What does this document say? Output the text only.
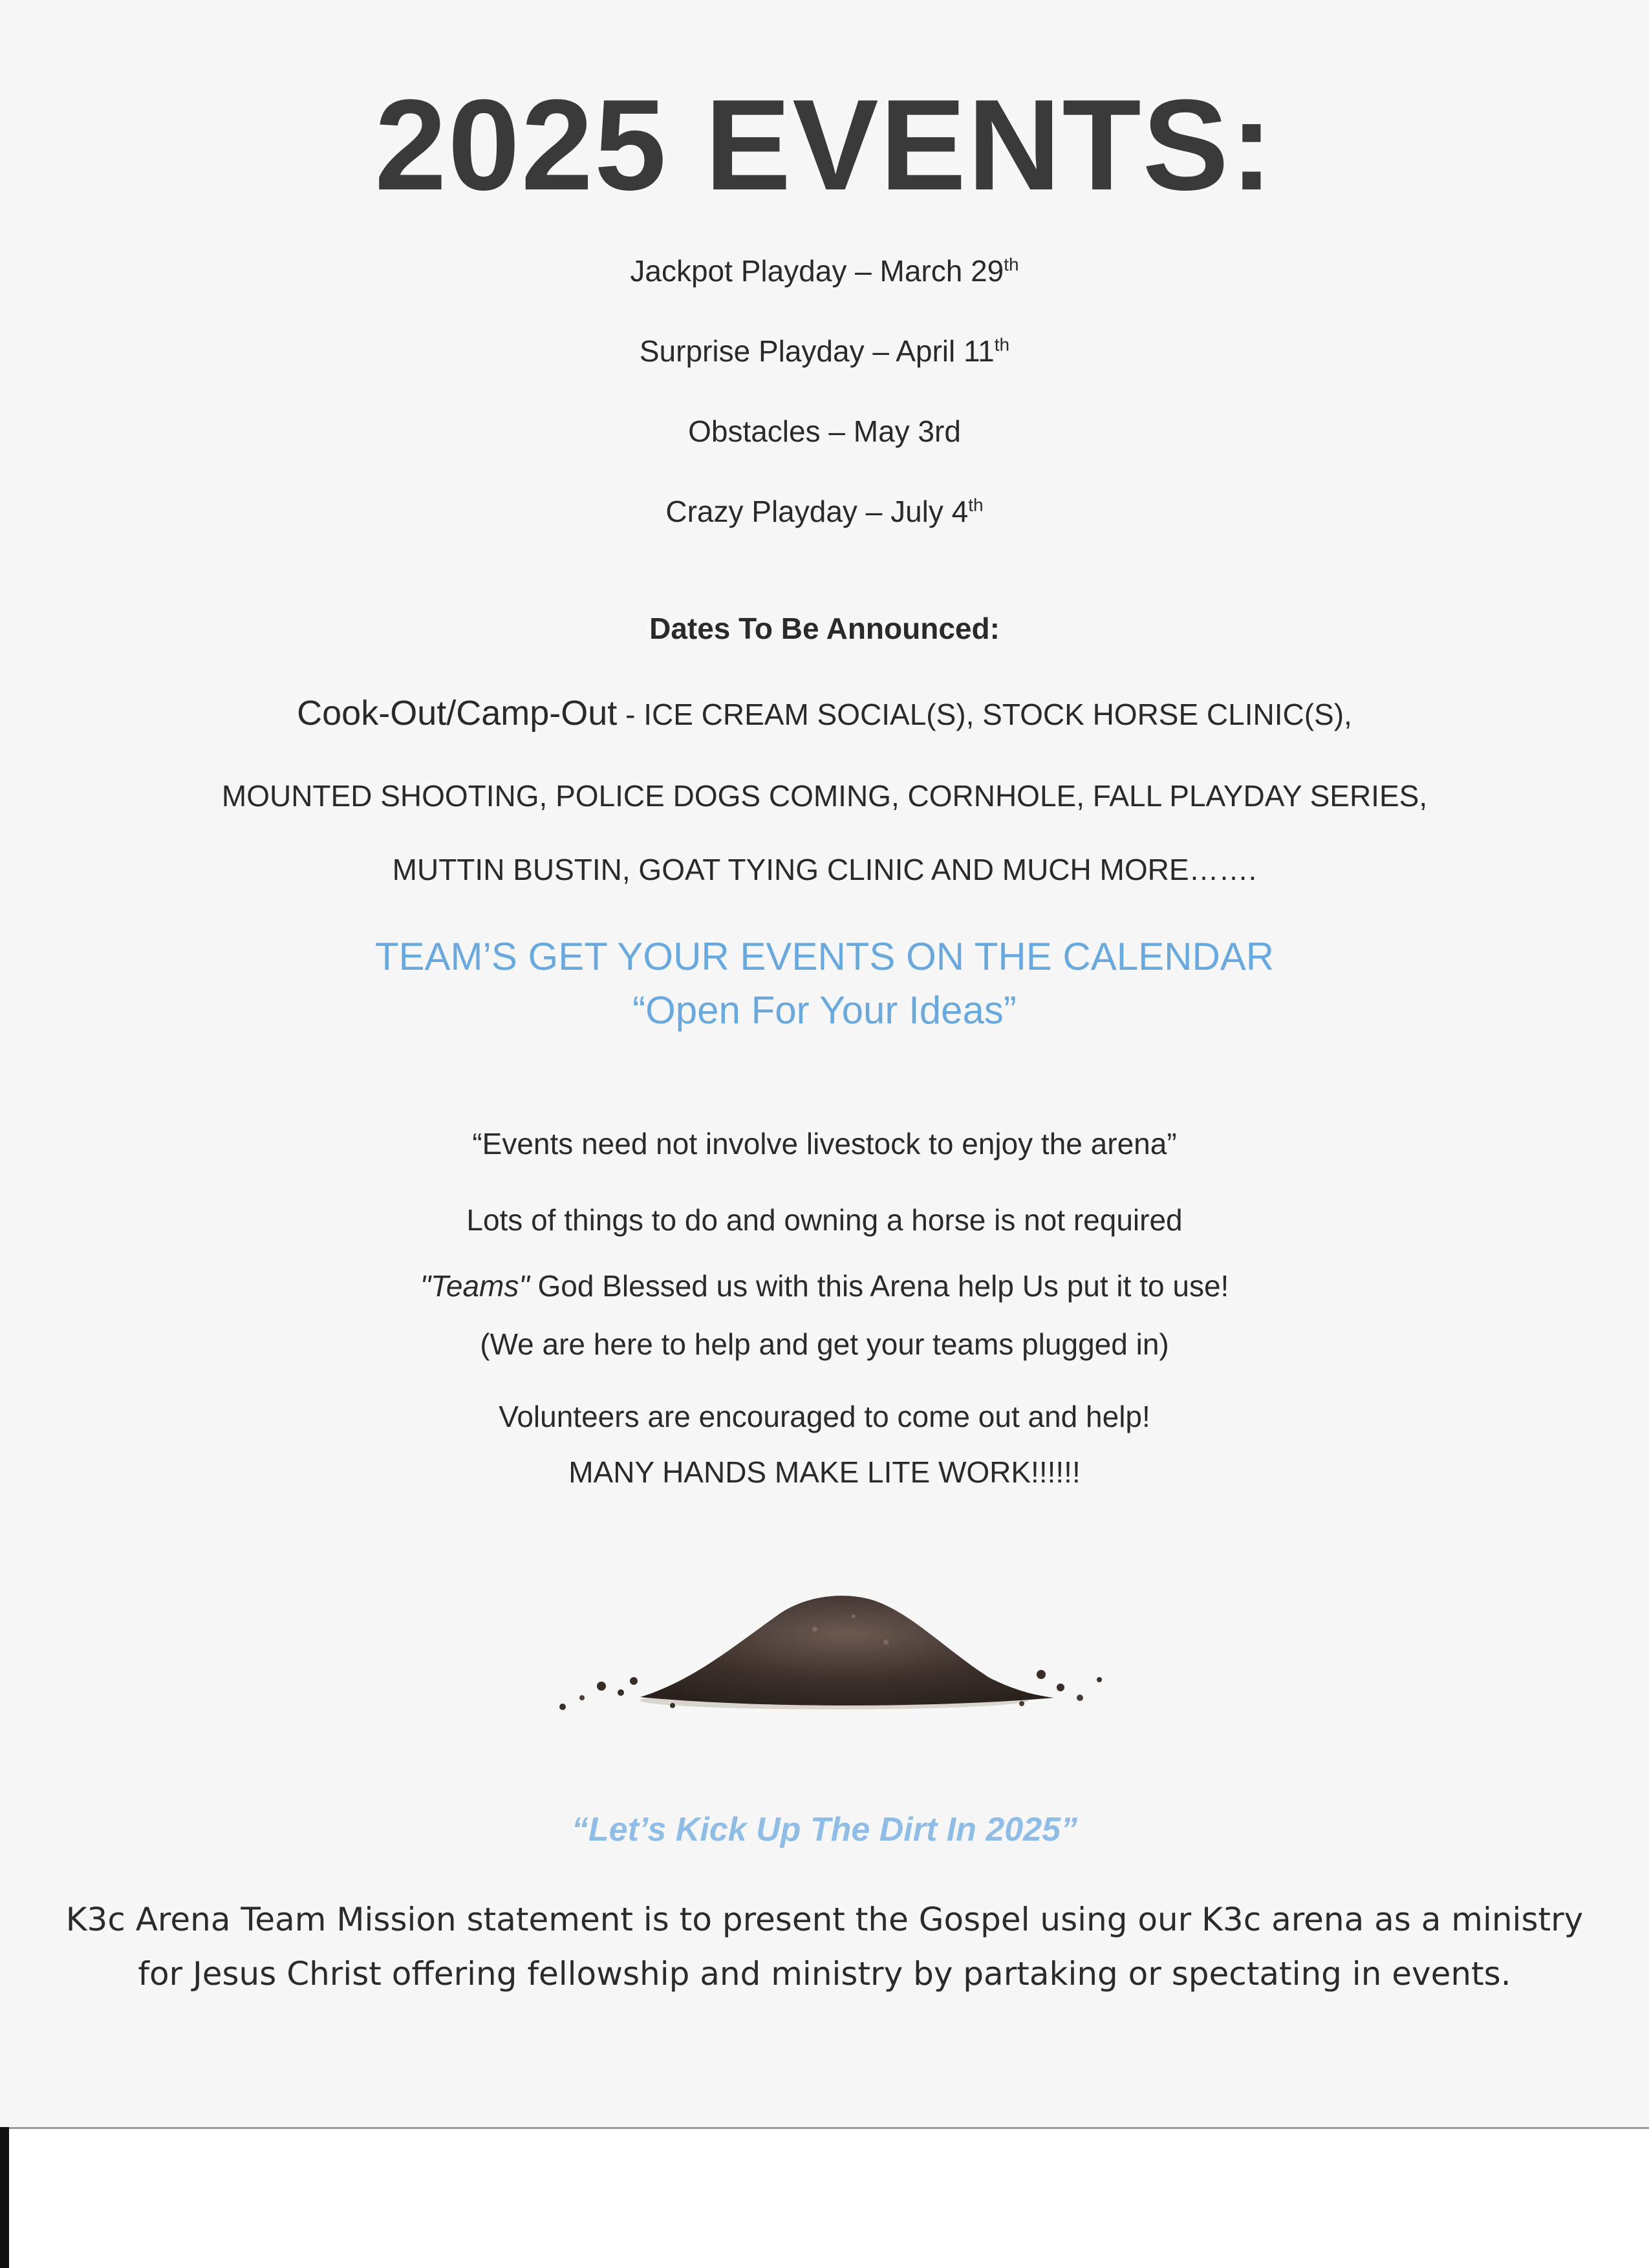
2025 EVENTS:
Jackpot Playday – March 29th
Surprise Playday – April 11th
Obstacles – May 3rd
Crazy Playday – July 4th
Dates To Be Announced:
Cook-Out/Camp-Out - ICE CREAM SOCIAL(S), STOCK HORSE CLINIC(S),
MOUNTED SHOOTING, POLICE DOGS COMING, CORNHOLE, FALL PLAYDAY SERIES,
MUTTIN BUSTIN, GOAT TYING CLINIC AND MUCH MORE…….
TEAM’S GET YOUR EVENTS ON THE CALENDAR
“Open For Your Ideas”
“Events need not involve livestock to enjoy the arena”
Lots of things to do and owning a horse is not required
"Teams" God Blessed us with this Arena help Us put it to use!
(We are here to help and get your teams plugged in)
Volunteers are encouraged to come out and help!
MANY HANDS MAKE LITE WORK!!!!!!
“Let’s Kick Up The Dirt In 2025”
K3c Arena Team Mission statement is to present the Gospel using our K3c arena as a ministry
for Jesus Christ offering fellowship and ministry by partaking or spectating in events.
